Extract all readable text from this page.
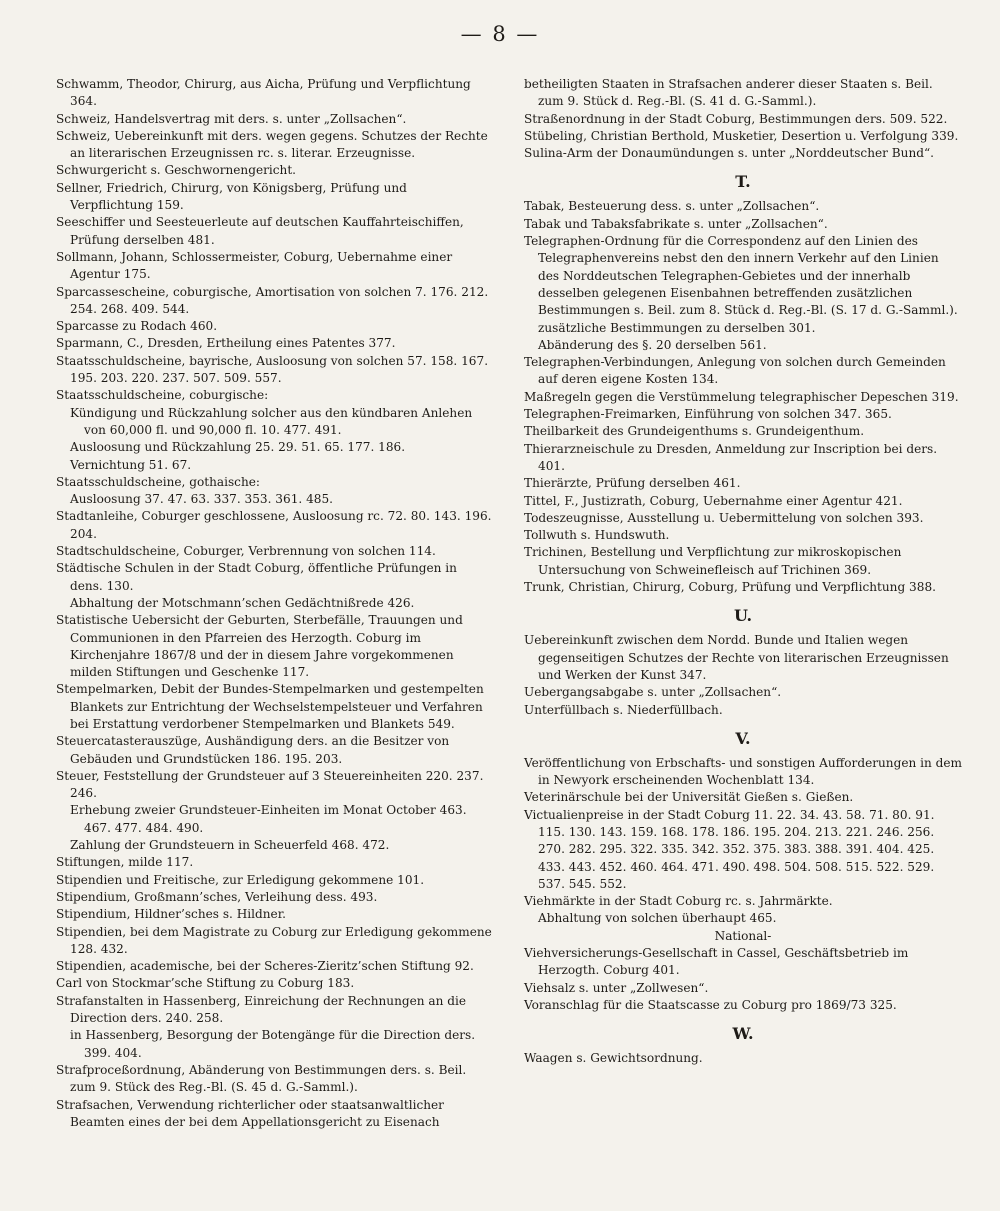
— 8 —

Schwamm, Theodor, Chirurg, aus Aicha, Prüfung und Verpflichtung 364.

Schweiz, Handelsvertrag mit ders. s. unter „Zollsachen“.

Schweiz, Uebereinkunft mit ders. wegen gegens. Schutzes der Rechte an literarischen Erzeugnissen rc. s. literar. Erzeugnisse.

Schwurgericht s. Geschwornengericht.

Sellner, Friedrich, Chirurg, von Königsberg, Prüfung und Verpflichtung 159.

Seeschiffer und Seesteuerleute auf deutschen Kauffahrteischiffen, Prüfung derselben 481.

Sollmann, Johann, Schlossermeister, Coburg, Uebernahme einer Agentur 175.

Sparcassescheine, coburgische, Amortisation von solchen 7. 176. 212. 254. 268. 409. 544.

Sparcasse zu Rodach 460.

Sparmann, C., Dresden, Ertheilung eines Patentes 377.

Staatsschuldscheine, bayrische, Ausloosung von solchen 57. 158. 167. 195. 203. 220. 237. 507. 509. 557.

Staatsschuldscheine, coburgische:

Kündigung und Rückzahlung solcher aus den kündbaren Anlehen von 60,000 fl. und 90,000 fl. 10. 477. 491.

Ausloosung und Rückzahlung 25. 29. 51. 65. 177. 186.

Vernichtung 51. 67.

Staatsschuldscheine, gothaische:

Ausloosung 37. 47. 63. 337. 353. 361. 485.

Stadtanleihe, Coburger geschlossene, Ausloosung rc. 72. 80. 143. 196. 204.

Stadtschuldscheine, Coburger, Verbrennung von solchen 114.

Städtische Schulen in der Stadt Coburg, öffentliche Prüfungen in dens. 130.

Abhaltung der Motschmann’schen Gedächtnißrede 426.

Statistische Uebersicht der Geburten, Sterbefälle, Trauungen und Communionen in den Pfarreien des Herzogth. Coburg im Kirchenjahre 1867/8 und der in diesem Jahre vorgekommenen milden Stiftungen und Geschenke 117.

Stempelmarken, Debit der Bundes-Stempelmarken und gestempelten Blankets zur Entrichtung der Wechselstempelsteuer und Verfahren bei Erstattung verdorbener Stempelmarken und Blankets 549.

Steuercatasterauszüge, Aushändigung ders. an die Besitzer von Gebäuden und Grundstücken 186. 195. 203.

Steuer, Feststellung der Grundsteuer auf 3 Steuereinheiten 220. 237. 246.

Erhebung zweier Grundsteuer-Einheiten im Monat October 463. 467. 477. 484. 490.

Zahlung der Grundsteuern in Scheuerfeld 468. 472.

Stiftungen, milde 117.

Stipendien und Freitische, zur Erledigung gekommene 101.

Stipendium, Großmann’sches, Verleihung dess. 493.

Stipendium, Hildner’sches s. Hildner.

Stipendien, bei dem Magistrate zu Coburg zur Erledigung gekommene 128. 432.

Stipendien, academische, bei der Scheres-Zieritz’schen Stiftung 92.

Carl von Stockmar’sche Stiftung zu Coburg 183.

Strafanstalten in Hassenberg, Einreichung der Rechnungen an die Direction ders. 240. 258.

in Hassenberg, Besorgung der Botengänge für die Direction ders. 399. 404.

Strafproceßordnung, Abänderung von Bestimmungen ders. s. Beil. zum 9. Stück des Reg.-Bl. (S. 45 d. G.-Samml.).

Strafsachen, Verwendung richterlicher oder staatsanwaltlicher Beamten eines der bei dem Appellationsgericht zu Eisenach

betheiligten Staaten in Strafsachen anderer dieser Staaten s. Beil. zum 9. Stück d. Reg.-Bl. (S. 41 d. G.-Samml.).

Straßenordnung in der Stadt Coburg, Bestimmungen ders. 509. 522.

Stübeling, Christian Berthold, Musketier, Desertion u. Verfolgung 339.

Sulina-Arm der Donaumündungen s. unter „Norddeutscher Bund“.

T.

Tabak, Besteuerung dess. s. unter „Zollsachen“.

Tabak und Tabaksfabrikate s. unter „Zollsachen“.

Telegraphen-Ordnung für die Correspondenz auf den Linien des Telegraphenvereins nebst den den innern Verkehr auf den Linien des Norddeutschen Telegraphen-Gebietes und der innerhalb desselben gelegenen Eisenbahnen betreffenden zusätzlichen Bestimmungen s. Beil. zum 8. Stück d. Reg.-Bl. (S. 17 d. G.-Samml.).

zusätzliche Bestimmungen zu derselben 301.

Abänderung des §. 20 derselben 561.

Telegraphen-Verbindungen, Anlegung von solchen durch Gemeinden auf deren eigene Kosten 134.

Maßregeln gegen die Verstümmelung telegraphischer Depeschen 319.

Telegraphen-Freimarken, Einführung von solchen 347. 365.

Theilbarkeit des Grundeigenthums s. Grundeigenthum.

Thierarzneischule zu Dresden, Anmeldung zur Inscription bei ders. 401.

Thierärzte, Prüfung derselben 461.

Tittel, F., Justizrath, Coburg, Uebernahme einer Agentur 421.

Todeszeugnisse, Ausstellung u. Uebermittelung von solchen 393.

Tollwuth s. Hundswuth.

Trichinen, Bestellung und Verpflichtung zur mikroskopischen Untersuchung von Schweinefleisch auf Trichinen 369.

Trunk, Christian, Chirurg, Coburg, Prüfung und Verpflichtung 388.

U.

Uebereinkunft zwischen dem Nordd. Bunde und Italien wegen gegenseitigen Schutzes der Rechte von literarischen Erzeugnissen und Werken der Kunst 347.

Uebergangsabgabe s. unter „Zollsachen“.

Unterfüllbach s. Niederfüllbach.

V.

Veröffentlichung von Erbschafts- und sonstigen Aufforderungen in dem in Newyork erscheinenden Wochenblatt 134.

Veterinärschule bei der Universität Gießen s. Gießen.

Victualienpreise in der Stadt Coburg 11. 22. 34. 43. 58. 71. 80. 91. 115. 130. 143. 159. 168. 178. 186. 195. 204. 213. 221. 246. 256. 270. 282. 295. 322. 335. 342. 352. 375. 383. 388. 391. 404. 425. 433. 443. 452. 460. 464. 471. 490. 498. 504. 508. 515. 522. 529. 537. 545. 552.

Viehmärkte in der Stadt Coburg rc. s. Jahrmärkte.

Abhaltung von solchen überhaupt 465.

National-

Viehversicherungs-Gesellschaft in Cassel, Geschäftsbetrieb im Herzogth. Coburg 401.

Viehsalz s. unter „Zollwesen“.

Voranschlag für die Staatscasse zu Coburg pro 1869/73 325.

W.

Waagen s. Gewichtsordnung.
